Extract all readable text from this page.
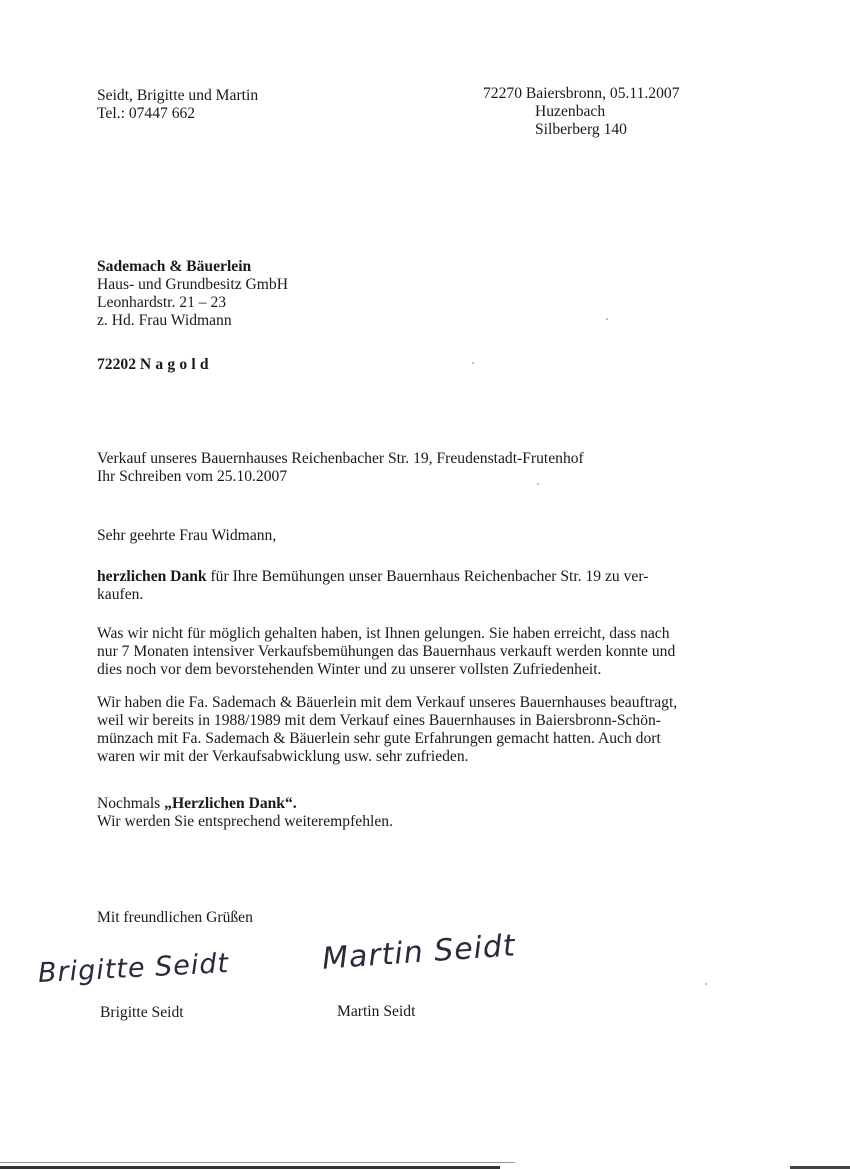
Seidt, Brigitte und Martin
Tel.: 07447 662
72270 Baiersbronn, 05.11.2007
Huzenbach
Silberberg 140
Sademach & Bäuerlein
Haus- und Grundbesitz GmbH
Leonhardstr. 21 – 23
z. Hd. Frau Widmann
72202 Nagold
Verkauf unseres Bauernhauses Reichenbacher Str. 19, Freudenstadt-Frutenhof
Ihr Schreiben vom 25.10.2007
Sehr geehrte Frau Widmann,
herzlichen Dank für Ihre Bemühungen unser Bauernhaus Reichenbacher Str. 19 zu ver-
kaufen.
Was wir nicht für möglich gehalten haben, ist Ihnen gelungen. Sie haben erreicht, dass nach
nur 7 Monaten intensiver Verkaufsbemühungen das Bauernhaus verkauft werden konnte und
dies noch vor dem bevorstehenden Winter und zu unserer vollsten Zufriedenheit.
Wir haben die Fa. Sademach & Bäuerlein mit dem Verkauf unseres Bauernhauses beauftragt,
weil wir bereits in 1988/1989 mit dem Verkauf eines Bauernhauses in Baiersbronn-Schön-
münzach mit Fa. Sademach & Bäuerlein sehr gute Erfahrungen gemacht hatten. Auch dort
waren wir mit der Verkaufsabwicklung usw. sehr zufrieden.
Nochmals „Herzlichen Dank“.
Wir werden Sie entsprechend weiterempfehlen.
Mit freundlichen Grüßen
Brigitte Seidt	Martin Seidt
Brigitte Seidt	Martin Seidt
